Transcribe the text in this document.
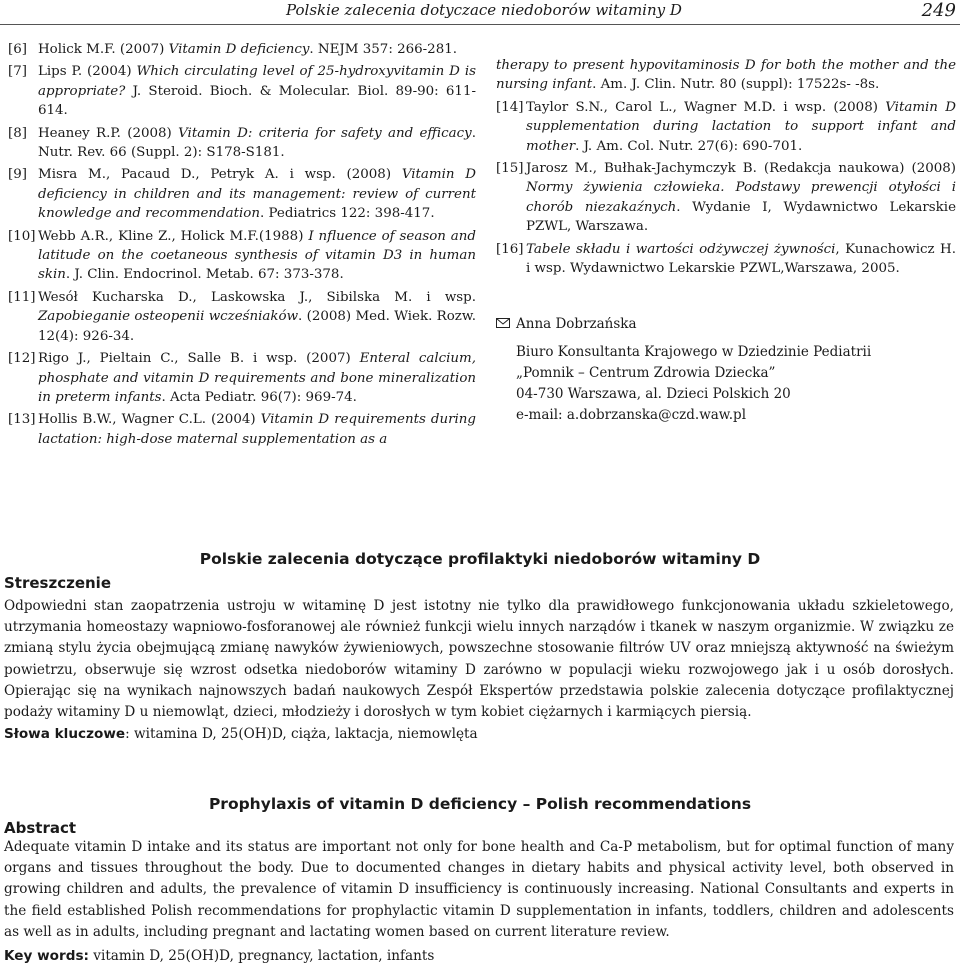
Polskie zalecenia dotyczace niedoborów witaminy D	249
[6] Holick M.F. (2007) Vitamin D deficiency. NEJM 357: 266-281.
[7] Lips P. (2004) Which circulating level of 25-hydroxyvitamin D is appropriate? J. Steroid. Bioch. & Molecular. Biol. 89-90: 611-614.
[8] Heaney R.P. (2008) Vitamin D: criteria for safety and efficacy. Nutr. Rev. 66 (Suppl. 2): S178-S181.
[9] Misra M., Pacaud D., Petryk A. i wsp. (2008) Vitamin D deficiency in children and its management: review of current knowledge and recommendation. Pediatrics 122: 398-417.
[10] Webb A.R., Kline Z., Holick M.F.(1988) I nfluence of season and latitude on the coetaneous synthesis of vitamin D3 in human skin. J. Clin. Endocrinol. Metab. 67: 373-378.
[11] Wesół Kucharska D., Laskowska J., Sibilska M. i wsp. Zapobieganie osteopenii wcześniaków. (2008) Med. Wiek. Rozw. 12(4): 926-34.
[12] Rigo J., Pieltain C., Salle B. i wsp. (2007) Enteral calcium, phosphate and vitamin D requirements and bone mineralization in preterm infants. Acta Pediatr. 96(7): 969-74.
[13] Hollis B.W., Wagner C.L. (2004) Vitamin D requirements during lactation: high-dose maternal supplementation as a
therapy to present hypovitaminosis D for both the mother and the nursing infant. Am. J. Clin. Nutr. 80 (suppl): 17522s- -8s.
[14] Taylor S.N., Carol L., Wagner M.D. i wsp. (2008) Vitamin D supplementation during lactation to support infant and mother. J. Am. Col. Nutr. 27(6): 690-701.
[15] Jarosz M., Bułhak-Jachymczyk B. (Redakcja naukowa) (2008) Normy żywienia człowieka. Podstawy prewencji otyłości i chorób niezakaźnych. Wydanie I, Wydawnictwo Lekarskie PZWL, Warszawa.
[16] Tabele składu i wartości odżywczej żywności, Kunachowicz H. i wsp. Wydawnictwo Lekarskie PZWL,Warszawa, 2005.
Anna Dobrzańska
Biuro Konsultanta Krajowego w Dziedzinie Pediatrii
„Pomnik – Centrum Zdrowia Dziecka”
04-730 Warszawa, al. Dzieci Polskich 20
e-mail: a.dobrzanska@czd.waw.pl
Polskie zalecenia dotyczące profilaktyki niedoborów witaminy D
Streszczenie
Odpowiedni stan zaopatrzenia ustroju w witaminę D jest istotny nie tylko dla prawidłowego funkcjonowania układu szkieletowego, utrzymania homeostazy wapniowo-fosforanowej ale również funkcji wielu innych narządów i tkanek w naszym organizmie. W związku ze zmianą stylu życia obejmującą zmianę nawyków żywieniowych, powszechne stosowanie filtrów UV oraz mniejszą aktywność na świeżym powietrzu, obserwuje się wzrost odsetka niedoborów witaminy D zarówno w populacji wieku rozwojowego jak i u osób dorosłych. Opierając się na wynikach najnowszych badań naukowych Zespół Ekspertów przedstawia polskie zalecenia dotyczące profilaktycznej podaży witaminy D u niemowląt, dzieci, młodzieży i dorosłych w tym kobiet ciężarnych i karmiących piersią.
Słowa kluczowe: witamina D, 25(OH)D, ciąża, laktacja, niemowlęta
Prophylaxis of vitamin D deficiency – Polish recommendations
Abstract
Adequate vitamin D intake and its status are important not only for bone health and Ca-P metabolism, but for optimal function of many organs and tissues throughout the body. Due to documented changes in dietary habits and physical activity level, both observed in growing children and adults, the prevalence of vitamin D insufficiency is continuously increasing. National Consultants and experts in the field established Polish recommendations for prophylactic vitamin D supplementation in infants, toddlers, children and adolescents as well as in adults, including pregnant and lactating women based on current literature review.
Key words: vitamin D, 25(OH)D, pregnancy, lactation, infants
